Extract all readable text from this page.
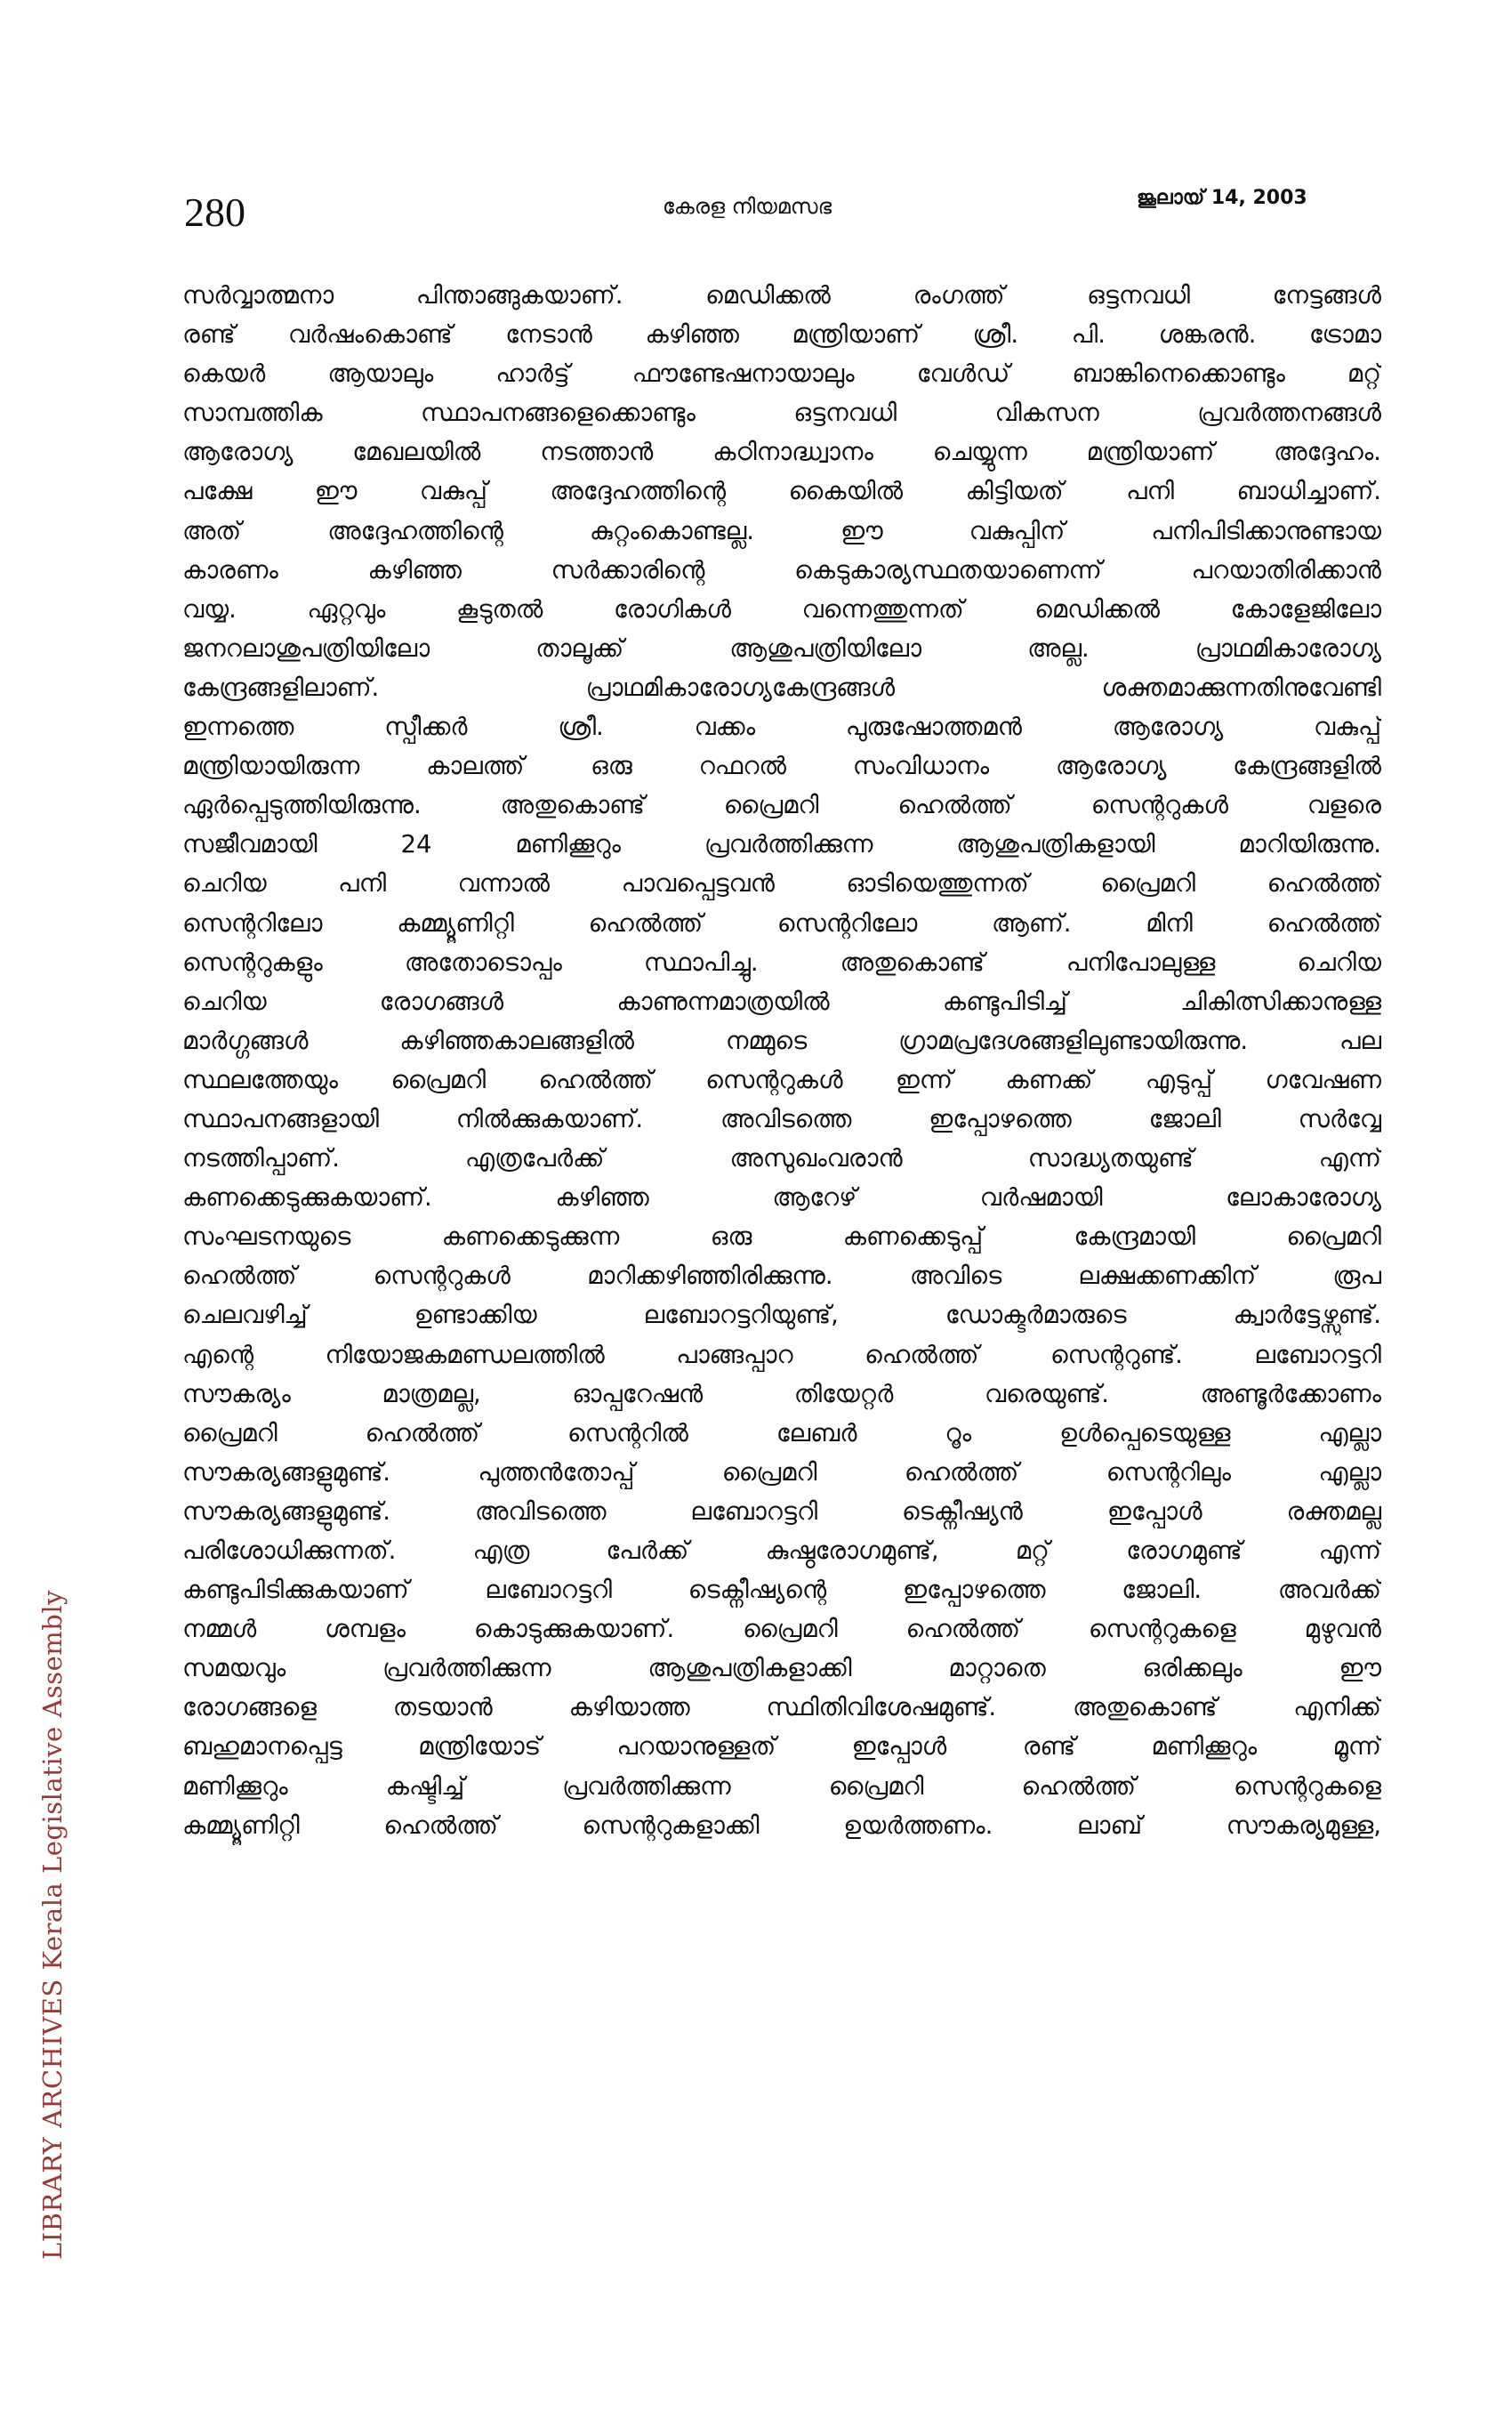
LIBRARY ARCHIVES Kerala Legislative Assembly
280	കേരള നിയമസഭ	ജൂലായ് 14, 2003
സർവ്വാത്മനാ പിന്താങ്ങുകയാണ്. മെഡിക്കൽ രംഗത്ത് ഒട്ടനവധി നേട്ടങ്ങൾ
രണ്ട് വർഷംകൊണ്ട് നേടാൻ കഴിഞ്ഞ മന്ത്രിയാണ് ശ്രീ. പി. ശങ്കരൻ. ട്രോമാ
കെയർ ആയാലും ഹാർട്ട് ഫൗണ്ടേഷനായാലും വേൾഡ് ബാങ്കിനെക്കൊണ്ടും മറ്റ്
സാമ്പത്തിക സ്ഥാപനങ്ങളെക്കൊണ്ടും ഒട്ടനവധി വികസന പ്രവർത്തനങ്ങൾ
ആരോഗ്യ മേഖലയിൽ നടത്താൻ കഠിനാദ്ധ്വാനം ചെയ്യുന്ന മന്ത്രിയാണ് അദ്ദേഹം.
പക്ഷേ ഈ വകുപ്പ് അദ്ദേഹത്തിന്റെ കൈയിൽ കിട്ടിയത് പനി ബാധിച്ചാണ്.
അത് അദ്ദേഹത്തിന്റെ കുറ്റംകൊണ്ടല്ല. ഈ വകുപ്പിന് പനിപിടിക്കാനുണ്ടായ
കാരണം കഴിഞ്ഞ സർക്കാരിന്റെ കെടുകാര്യസ്ഥതയാണെന്ന് പറയാതിരിക്കാൻ
വയ്യ. ഏറ്റവും കൂടുതൽ രോഗികൾ വന്നെത്തുന്നത് മെഡിക്കൽ കോളേജിലോ
ജനറലാശുപത്രിയിലോ താലൂക്ക് ആശുപത്രിയിലോ അല്ല. പ്രാഥമികാരോഗ്യ
കേന്ദ്രങ്ങളിലാണ്. പ്രാഥമികാരോഗ്യകേന്ദ്രങ്ങൾ ശക്തമാക്കുന്നതിനുവേണ്ടി
ഇന്നത്തെ സ്പീക്കർ ശ്രീ. വക്കം പുരുഷോത്തമൻ ആരോഗ്യ വകുപ്പ്
മന്ത്രിയായിരുന്ന കാലത്ത് ഒരു റഫറൽ സംവിധാനം ആരോഗ്യ കേന്ദ്രങ്ങളിൽ
ഏർപ്പെടുത്തിയിരുന്നു. അതുകൊണ്ട് പ്രൈമറി ഹെൽത്ത് സെന്ററുകൾ വളരെ
സജീവമായി 24 മണിക്കൂറും പ്രവർത്തിക്കുന്ന ആശുപത്രികളായി മാറിയിരുന്നു.
ചെറിയ പനി വന്നാൽ പാവപ്പെട്ടവൻ ഓടിയെത്തുന്നത് പ്രൈമറി ഹെൽത്ത്
സെന്ററിലോ കമ്മ്യൂണിറ്റി ഹെൽത്ത് സെന്ററിലോ ആണ്. മിനി ഹെൽത്ത്
സെന്ററുകളും അതോടൊപ്പം സ്ഥാപിച്ചു. അതുകൊണ്ട് പനിപോലുള്ള ചെറിയ
ചെറിയ രോഗങ്ങൾ കാണുന്നമാത്രയിൽ കണ്ടുപിടിച്ച് ചികിത്സിക്കാനുള്ള
മാർഗ്ഗങ്ങൾ കഴിഞ്ഞകാലങ്ങളിൽ നമ്മുടെ ഗ്രാമപ്രദേശങ്ങളിലുണ്ടായിരുന്നു. പല
സ്ഥലത്തേയും പ്രൈമറി ഹെൽത്ത് സെന്ററുകൾ ഇന്ന് കണക്ക് എടുപ്പ് ഗവേഷണ
സ്ഥാപനങ്ങളായി നിൽക്കുകയാണ്. അവിടത്തെ ഇപ്പോഴത്തെ ജോലി സർവ്വേ
നടത്തിപ്പാണ്. എത്രപേർക്ക് അസുഖംവരാൻ സാദ്ധ്യതയുണ്ട് എന്ന്
കണക്കെടുക്കുകയാണ്. കഴിഞ്ഞ ആറേഴ് വർഷമായി ലോകാരോഗ്യ
സംഘടനയുടെ കണക്കെടുക്കുന്ന ഒരു കണക്കെടുപ്പ് കേന്ദ്രമായി പ്രൈമറി
ഹെൽത്ത് സെന്ററുകൾ മാറിക്കഴിഞ്ഞിരിക്കുന്നു. അവിടെ ലക്ഷക്കണക്കിന് രൂപ
ചെലവഴിച്ച് ഉണ്ടാക്കിയ ലബോറട്ടറിയുണ്ട്, ഡോക്ടർമാരുടെ ക്വാർട്ടേഴ്സുണ്ട്.
എന്റെ നിയോജകമണ്ഡലത്തിൽ പാങ്ങപ്പാറ ഹെൽത്ത് സെന്ററുണ്ട്. ലബോറട്ടറി
സൗകര്യം മാത്രമല്ല, ഓപ്പറേഷൻ തിയേറ്റർ വരെയുണ്ട്. അണ്ടൂർക്കോണം
പ്രൈമറി ഹെൽത്ത് സെന്ററിൽ ലേബർ റൂം ഉൾപ്പെടെയുള്ള എല്ലാ
സൗകര്യങ്ങളുമുണ്ട്. പുത്തൻതോപ്പ് പ്രൈമറി ഹെൽത്ത് സെന്ററിലും എല്ലാ
സൗകര്യങ്ങളുമുണ്ട്. അവിടത്തെ ലബോറട്ടറി ടെക്നീഷ്യൻ ഇപ്പോൾ രക്തമല്ല
പരിശോധിക്കുന്നത്. എത്ര പേർക്ക് കുഷ്ഠരോഗമുണ്ട്, മറ്റ് രോഗമുണ്ട് എന്ന്
കണ്ടുപിടിക്കുകയാണ് ലബോറട്ടറി ടെക്നീഷ്യന്റെ ഇപ്പോഴത്തെ ജോലി. അവർക്ക്
നമ്മൾ ശമ്പളം കൊടുക്കുകയാണ്. പ്രൈമറി ഹെൽത്ത് സെന്ററുകളെ മുഴുവൻ
സമയവും പ്രവർത്തിക്കുന്ന ആശുപത്രികളാക്കി മാറ്റാതെ ഒരിക്കലും ഈ
രോഗങ്ങളെ തടയാൻ കഴിയാത്ത സ്ഥിതിവിശേഷമുണ്ട്. അതുകൊണ്ട് എനിക്ക്
ബഹുമാനപ്പെട്ട മന്ത്രിയോട് പറയാനുള്ളത് ഇപ്പോൾ രണ്ട് മണിക്കൂറും മൂന്ന്
മണിക്കൂറും കഷ്ടിച്ച് പ്രവർത്തിക്കുന്ന പ്രൈമറി ഹെൽത്ത് സെന്ററുകളെ
കമ്മ്യൂണിറ്റി ഹെൽത്ത് സെന്ററുകളാക്കി ഉയർത്തണം. ലാബ് സൗകര്യമുള്ള,
